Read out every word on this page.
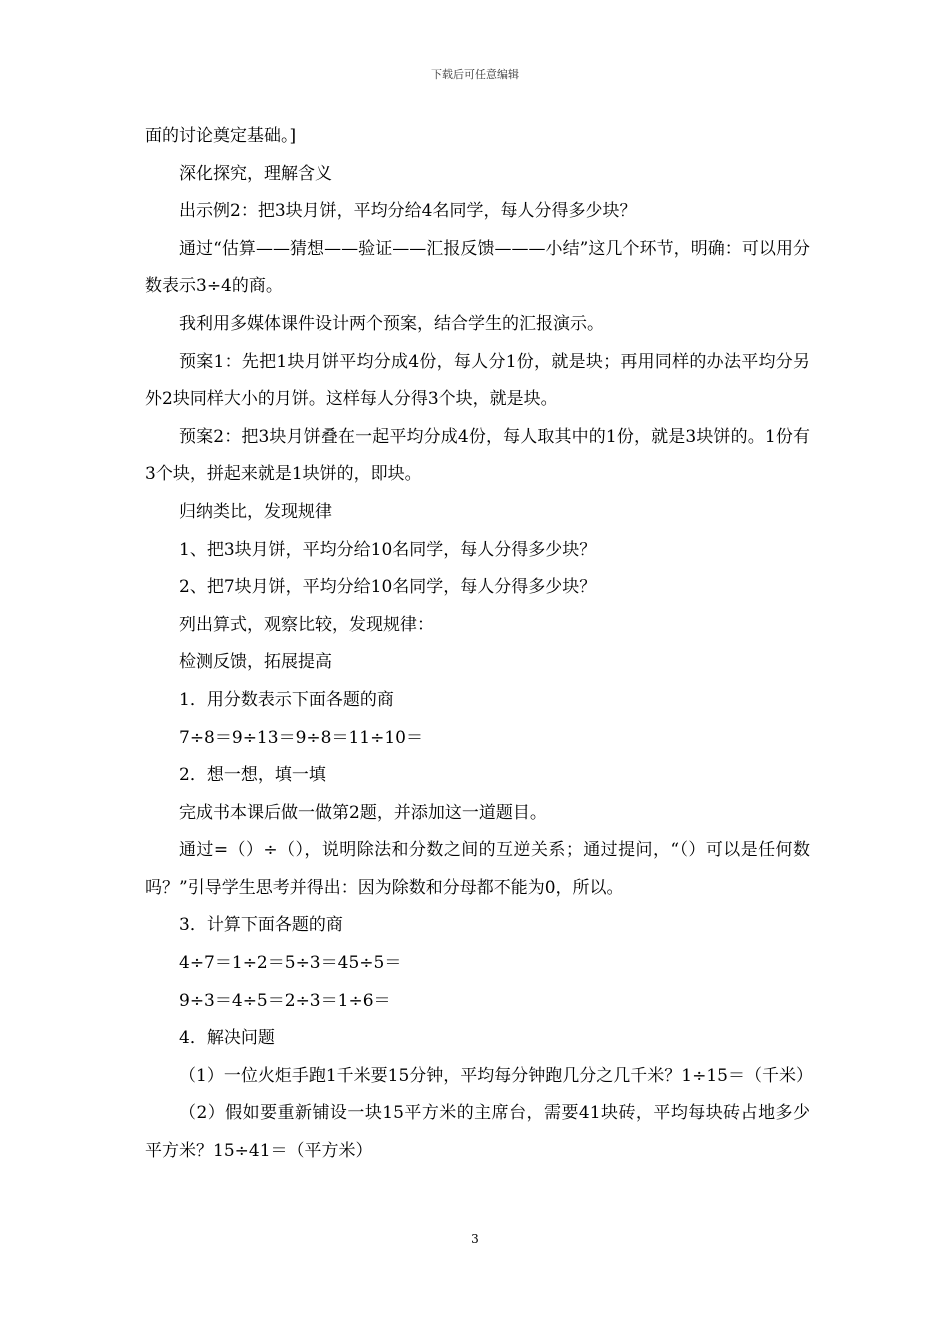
下载后可任意编辑

面的讨论奠定基础。]

深化探究，理解含义

出示例2：把3块月饼，平均分给4名同学，每人分得多少块？

通过“估算——猜想——验证——汇报反馈———小结”这几个环节，明确：可以用分数表示3÷4的商。

我利用多媒体课件设计两个预案，结合学生的汇报演示。

预案1：先把1块月饼平均分成4份，每人分1份，就是块；再用同样的办法平均分另外2块同样大小的月饼。这样每人分得3个块，就是块。

预案2：把3块月饼叠在一起平均分成4份，每人取其中的1份，就是3块饼的。1份有3个块，拼起来就是1块饼的，即块。

归纳类比，发现规律

1、把3块月饼，平均分给10名同学，每人分得多少块？

2、把7块月饼，平均分给10名同学，每人分得多少块？

列出算式，观察比较，发现规律：

检测反馈，拓展提高

1．用分数表示下面各题的商

7÷8＝9÷13＝9÷8＝11÷10＝

2．想一想，填一填

完成书本课后做一做第2题，并添加这一道题目。

通过=（）÷（），说明除法和分数之间的互逆关系；通过提问，“（）可以是任何数吗？”引导学生思考并得出：因为除数和分母都不能为0，所以。

3．计算下面各题的商

4÷7＝1÷2＝5÷3＝45÷5＝

9÷3＝4÷5＝2÷3＝1÷6＝

4．解决问题

（1）一位火炬手跑1千米要15分钟，平均每分钟跑几分之几千米？1÷15＝（千米）

（2）假如要重新铺设一块15平方米的主席台，需要41块砖，平均每块砖占地多少平方米？15÷41＝（平方米）

3
